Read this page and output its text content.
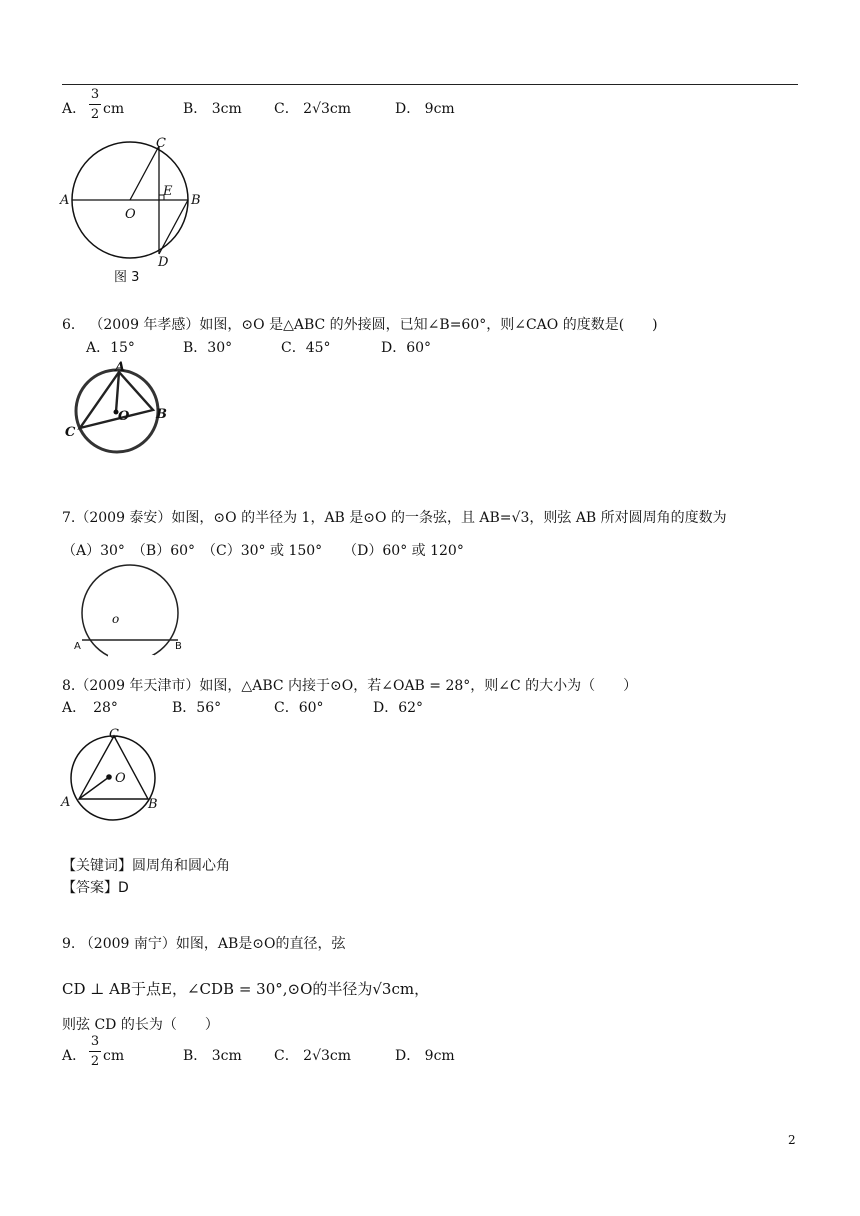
A．
3
2 cm	B． 3cm C． 2√3cm	D． 9cm
A
O
E
B
C
D
图 3
6． （2009 年孝感）如图，⊙O 是△ABC 的外接圆，已知∠B=60°，则∠CAO 的度数是(　　)
A．15°	B．30°	C．45°	D．60°
A
O B
C
7.（2009 泰安）如图，⊙O 的半径为 1，AB 是⊙O 的一条弦，且 AB=√3，则弦 AB 所对圆周角的度数为
（A）30°　（B）60°　（C）30° 或 150°　　（D）60° 或 120°
o
A	B
8.（2009 年天津市）如图，△ABC 内接于⊙O，若∠OAB = 28°，则∠C 的大小为（　　）
A．　28°	B．56°	C．60°	D．62°
C
O
A	B
【关键词】圆周角和圆心角
【答案】D
9. （2009 南宁）如图，AB是⊙O的直径，弦
CD ⊥ AB于点E，∠CDB = 30°,⊙O的半径为√3cm，
则弦 CD 的长为（　　）
A．
3
2 cm	B． 3cm C． 2√3cm	D． 9cm
2
